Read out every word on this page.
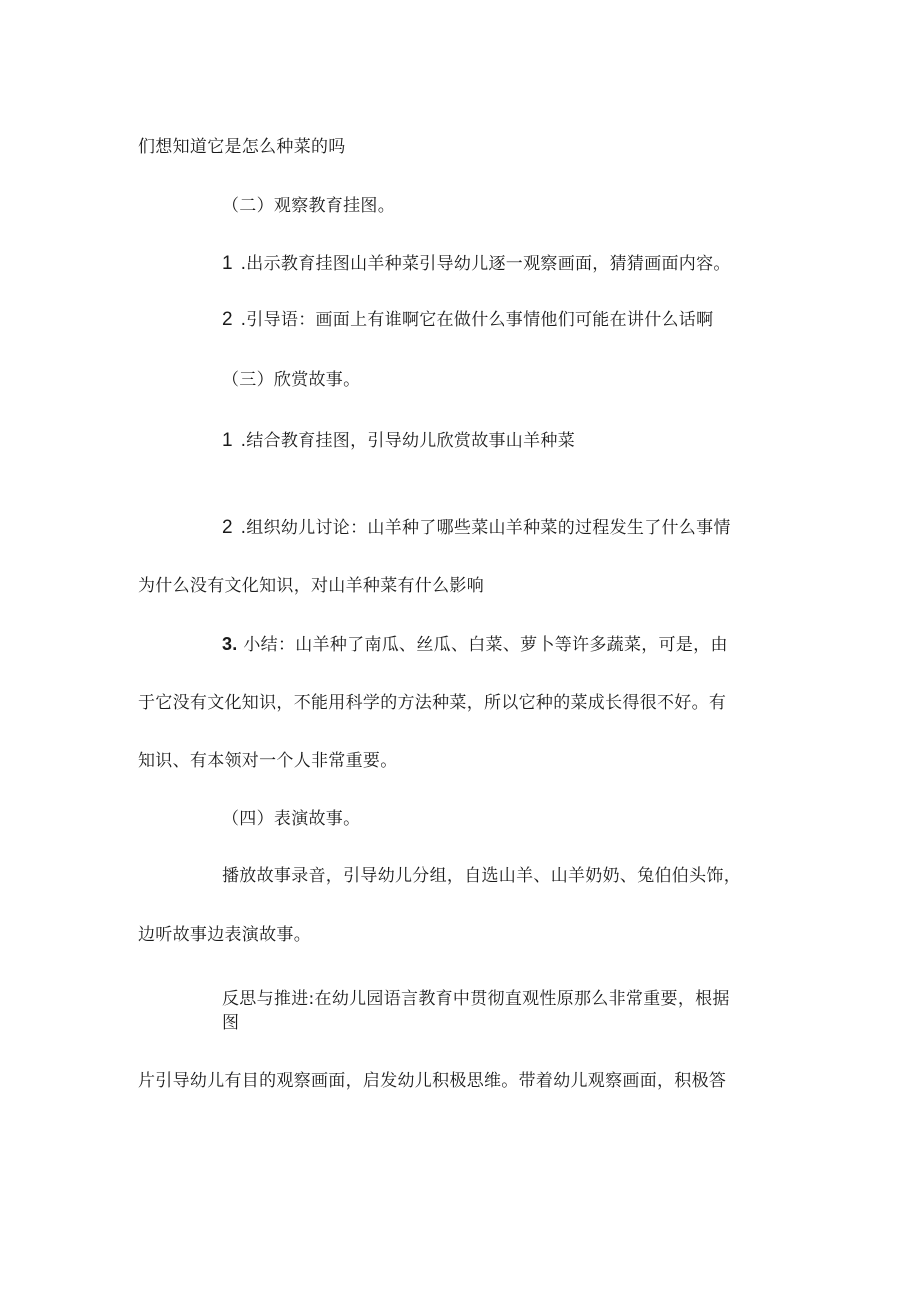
们想知道它是怎么种菜的吗
（二）观察教育挂图。
1 .出示教育挂图山羊种菜引导幼儿逐一观察画面，猜猜画面内容。
2 .引导语：画面上有谁啊它在做什么事情他们可能在讲什么话啊
（三）欣赏故事。
1 .结合教育挂图，引导幼儿欣赏故事山羊种菜
2 .组织幼儿讨论：山羊种了哪些菜山羊种菜的过程发生了什么事情
为什么没有文化知识，对山羊种菜有什么影响
3. 小结：山羊种了南瓜、丝瓜、白菜、萝卜等许多蔬菜，可是，由
于它没有文化知识，不能用科学的方法种菜，所以它种的菜成长得很不好。有
知识、有本领对一个人非常重要。
（四）表演故事。
播放故事录音，引导幼儿分组，自选山羊、山羊奶奶、兔伯伯头饰，
边听故事边表演故事。
反思与推进:在幼儿园语言教育中贯彻直观性原那么非常重要，根据
图
片引导幼儿有目的观察画面，启发幼儿积极思维。带着幼儿观察画面，积极答
